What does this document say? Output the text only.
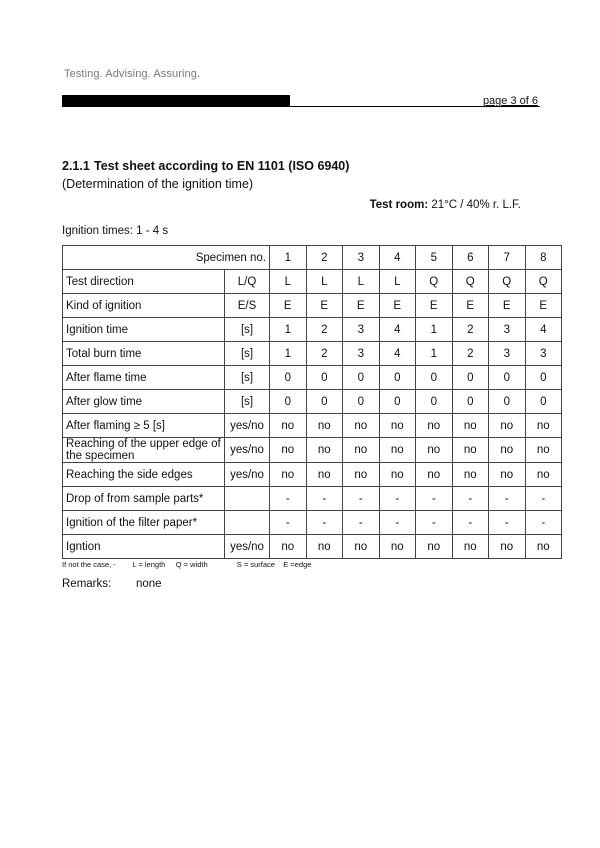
Testing. Advising. Assuring.
page 3 of 6
2.1.1 Test sheet according to EN 1101 (ISO 6940)
(Determination of the ignition time)
Test room: 21°C / 40% r. L.F.
Ignition times: 1 - 4 s
Specimen no.		1	2	3	4	5	6	7	8
Test direction	L/Q	L	L	L	L	Q	Q	Q	Q
Kind of ignition	E/S	E	E	E	E	E	E	E	E
Ignition time	[s]	1	2	3	4	1	2	3	4
Total burn time	[s]	1	2	3	4	1	2	3	3
After flame time	[s]	0	0	0	0	0	0	0	0
After glow time	[s]	0	0	0	0	0	0	0	0
After flaming ≥ 5 [s]	yes/no	no	no	no	no	no	no	no	no
Reaching of the upper edge of the specimen	yes/no	no	no	no	no	no	no	no	no
Reaching the side edges	yes/no	no	no	no	no	no	no	no	no
Drop of from sample parts*		-	-	-	-	-	-	-	-
Ignition of the filter paper*		-	-	-	-	-	-	-	-
Igntion	yes/no	no	no	no	no	no	no	no	no
If not the case, -        L = length     Q = width              S = surface    E =edge
Remarks: none
